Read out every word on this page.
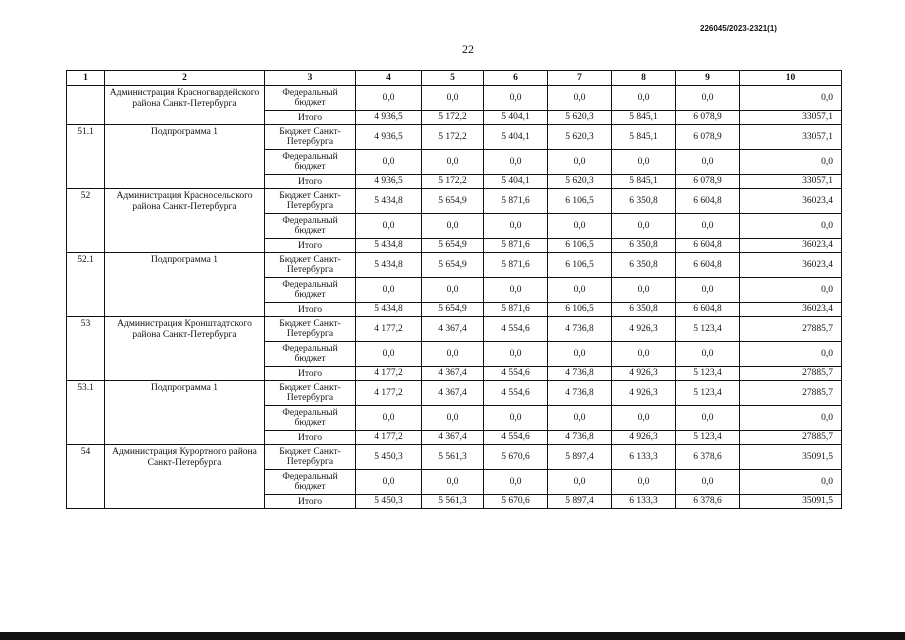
226045/2023-2321(1)
22
1	2	3	4	5	6	7	8	9	10
	Администрация Красногвардейского района Санкт-Петербурга	Федеральный бюджет	0,0	0,0	0,0	0,0	0,0	0,0	0,0
		Итого	4 936,5	5 172,2	5 404,1	5 620,3	5 845,1	6 078,9	33057,1
51.1	Подпрограмма 1	Бюджет Санкт-Петербурга	4 936,5	5 172,2	5 404,1	5 620,3	5 845,1	6 078,9	33057,1
		Федеральный бюджет	0,0	0,0	0,0	0,0	0,0	0,0	0,0
		Итого	4 936,5	5 172,2	5 404,1	5 620,3	5 845,1	6 078,9	33057,1
52	Администрация Красносельского района Санкт-Петербурга	Бюджет Санкт-Петербурга	5 434,8	5 654,9	5 871,6	6 106,5	6 350,8	6 604,8	36023,4
		Федеральный бюджет	0,0	0,0	0,0	0,0	0,0	0,0	0,0
		Итого	5 434,8	5 654,9	5 871,6	6 106,5	6 350,8	6 604,8	36023,4
52.1	Подпрограмма 1	Бюджет Санкт-Петербурга	5 434,8	5 654,9	5 871,6	6 106,5	6 350,8	6 604,8	36023,4
		Федеральный бюджет	0,0	0,0	0,0	0,0	0,0	0,0	0,0
		Итого	5 434,8	5 654,9	5 871,6	6 106,5	6 350,8	6 604,8	36023,4
53	Администрация Кронштадтского района Санкт-Петербурга	Бюджет Санкт-Петербурга	4 177,2	4 367,4	4 554,6	4 736,8	4 926,3	5 123,4	27885,7
		Федеральный бюджет	0,0	0,0	0,0	0,0	0,0	0,0	0,0
		Итого	4 177,2	4 367,4	4 554,6	4 736,8	4 926,3	5 123,4	27885,7
53.1	Подпрограмма 1	Бюджет Санкт-Петербурга	4 177,2	4 367,4	4 554,6	4 736,8	4 926,3	5 123,4	27885,7
		Федеральный бюджет	0,0	0,0	0,0	0,0	0,0	0,0	0,0
		Итого	4 177,2	4 367,4	4 554,6	4 736,8	4 926,3	5 123,4	27885,7
54	Администрация Курортного района Санкт-Петербурга	Бюджет Санкт-Петербурга	5 450,3	5 561,3	5 670,6	5 897,4	6 133,3	6 378,6	35091,5
		Федеральный бюджет	0,0	0,0	0,0	0,0	0,0	0,0	0,0
		Итого	5 450,3	5 561,3	5 670,6	5 897,4	6 133,3	6 378,6	35091,5
